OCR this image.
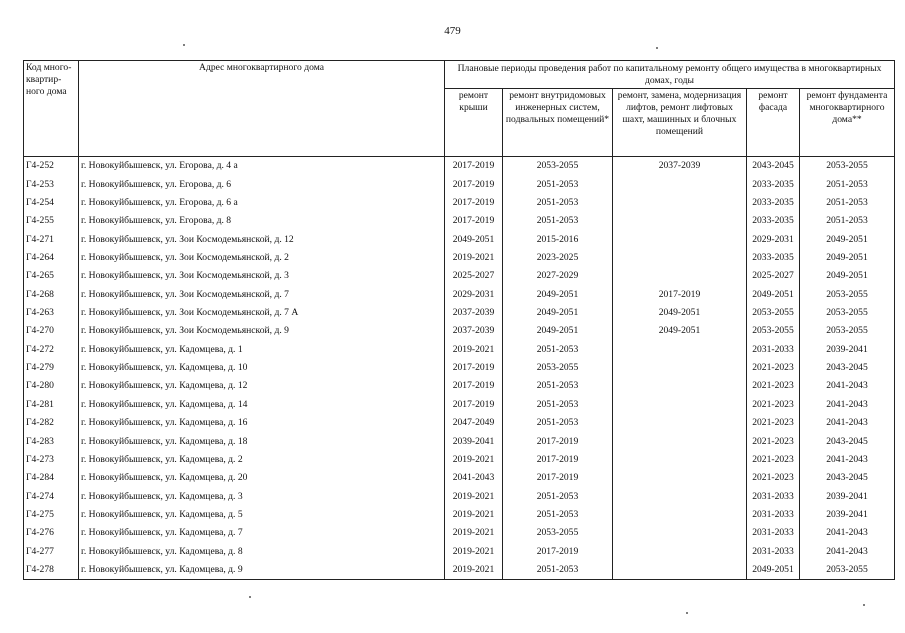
479
Код много-квартир-ного дома	Адрес многоквартирного дома	Плановые периоды проведения работ по капитальному ремонту общего имущества в многоквартирных домах, годы				
		ремонт крыши	ремонт внутридомовых инженерных систем, подвальных помещений*	ремонт, замена, модернизация лифтов, ремонт лифтовых шахт, машинных и блочных помещений	ремонт фасада	ремонт фундамента многоквартирного дома**
Г4-252	г. Новокуйбышевск, ул. Егорова, д. 4 а	2017-2019	2053-2055	2037-2039	2043-2045	2053-2055
Г4-253	г. Новокуйбышевск, ул. Егорова, д. 6	2017-2019	2051-2053		2033-2035	2051-2053
Г4-254	г. Новокуйбышевск, ул. Егорова, д. 6 а	2017-2019	2051-2053		2033-2035	2051-2053
Г4-255	г. Новокуйбышевск, ул. Егорова, д. 8	2017-2019	2051-2053		2033-2035	2051-2053
Г4-271	г. Новокуйбышевск, ул. Зои Космодемьянской, д. 12	2049-2051	2015-2016		2029-2031	2049-2051
Г4-264	г. Новокуйбышевск, ул. Зои Космодемьянской, д. 2	2019-2021	2023-2025		2033-2035	2049-2051
Г4-265	г. Новокуйбышевск, ул. Зои Космодемьянской, д. 3	2025-2027	2027-2029		2025-2027	2049-2051
Г4-268	г. Новокуйбышевск, ул. Зои Космодемьянской, д. 7	2029-2031	2049-2051	2017-2019	2049-2051	2053-2055
Г4-263	г. Новокуйбышевск, ул. Зои Космодемьянской, д. 7 А	2037-2039	2049-2051	2049-2051	2053-2055	2053-2055
Г4-270	г. Новокуйбышевск, ул. Зои Космодемьянской, д. 9	2037-2039	2049-2051	2049-2051	2053-2055	2053-2055
Г4-272	г. Новокуйбышевск, ул. Кадомцева, д. 1	2019-2021	2051-2053		2031-2033	2039-2041
Г4-279	г. Новокуйбышевск, ул. Кадомцева, д. 10	2017-2019	2053-2055		2021-2023	2043-2045
Г4-280	г. Новокуйбышевск, ул. Кадомцева, д. 12	2017-2019	2051-2053		2021-2023	2041-2043
Г4-281	г. Новокуйбышевск, ул. Кадомцева, д. 14	2017-2019	2051-2053		2021-2023	2041-2043
Г4-282	г. Новокуйбышевск, ул. Кадомцева, д. 16	2047-2049	2051-2053		2021-2023	2041-2043
Г4-283	г. Новокуйбышевск, ул. Кадомцева, д. 18	2039-2041	2017-2019		2021-2023	2043-2045
Г4-273	г. Новокуйбышевск, ул. Кадомцева, д. 2	2019-2021	2017-2019		2021-2023	2041-2043
Г4-284	г. Новокуйбышевск, ул. Кадомцева, д. 20	2041-2043	2017-2019		2021-2023	2043-2045
Г4-274	г. Новокуйбышевск, ул. Кадомцева, д. 3	2019-2021	2051-2053		2031-2033	2039-2041
Г4-275	г. Новокуйбышевск, ул. Кадомцева, д. 5	2019-2021	2051-2053		2031-2033	2039-2041
Г4-276	г. Новокуйбышевск, ул. Кадомцева, д. 7	2019-2021	2053-2055		2031-2033	2041-2043
Г4-277	г. Новокуйбышевск, ул. Кадомцева, д. 8	2019-2021	2017-2019		2031-2033	2041-2043
Г4-278	г. Новокуйбышевск, ул. Кадомцева, д. 9	2019-2021	2051-2053		2049-2051	2053-2055
